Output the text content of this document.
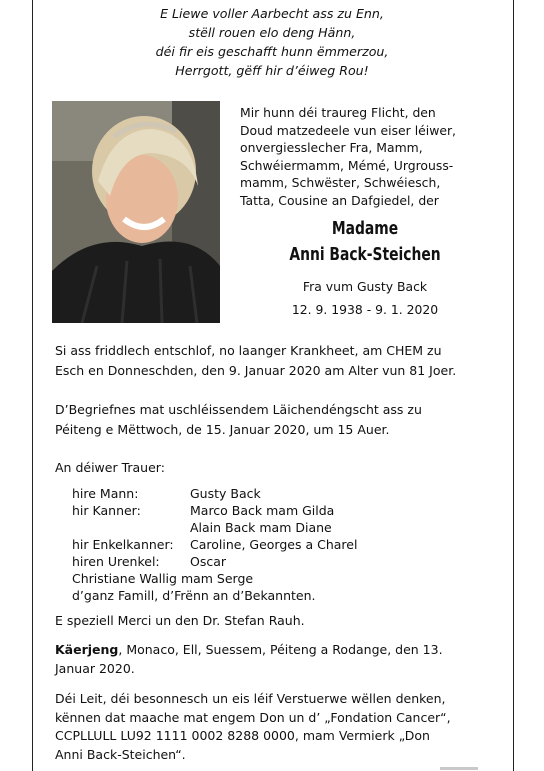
E Liewe voller Aarbecht ass zu Enn,
stëll rouen elo deng Hänn,
déi fir eis geschafft hunn ëmmerzou,
Herrgott, gëff hir d’éiweg Rou!

Mir hunn déi traureg Flicht, den

Doud matzedeele vun eiser léiwer,

onvergiesslecher Fra, Mamm,

Schwéiermamm, Mémé, Urgrouss-

mamm, Schwëster, Schwéiesch,

Tatta, Cousine an Dafgiedel, der

Madame
Anni Back-Steichen
Fra vum Gusty Back
12. 9. 1938 - 9. 1. 2020

Si ass friddlech entschlof, no laanger Krankheet, am CHEM zu

Esch en Donneschden, den 9. Januar 2020 am Alter vun 81 Joer.

D’Begriefnes mat uschléissendem Läichendéngscht ass zu

Péiteng e Mëttwoch, de 15. Januar 2020, um 15 Auer.

An déiwer Trauer:
hire Mann:	Gusty Back
hir Kanner:	Marco Back mam Gilda
Alain Back mam Diane
hir Enkelkanner: Caroline, Georges a Charel
hiren Urenkel: Oscar
Christiane Wallig mam Serge
d’ganz Famill, d’Frënn an d’Bekannten.
E speziell Merci un den Dr. Stefan Rauh.

Käerjeng, Monaco, Ell, Suessem, Péiteng a Rodange, den 13.

Januar 2020.

Déi Leit, déi besonnesch un eis léif Verstuerwe wëllen denken,

kënnen dat maache mat engem Don un d’ „Fondation Cancer“,

CCPLLULL LU92 1111 0002 8288 0000, mam Vermierk „Don

Anni Back-Steichen“.
